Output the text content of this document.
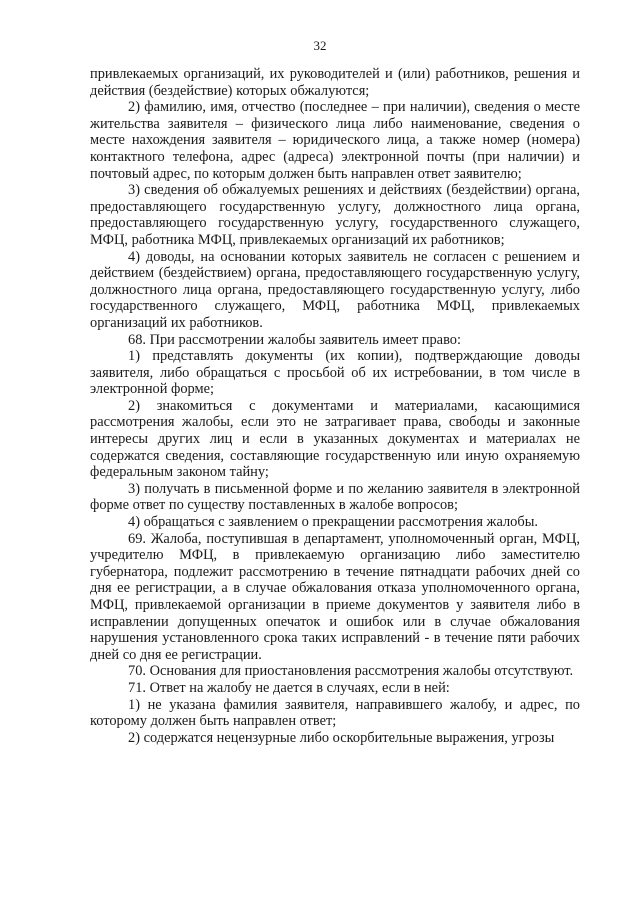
32

привлекаемых организаций, их руководителей и (или) работников, решения и действия (бездействие) которых обжалуются;

2) фамилию, имя, отчество (последнее – при наличии), сведения о месте жительства заявителя – физического лица либо наименование, сведения о месте нахождения заявителя – юридического лица, а также номер (номера) контактного телефона, адрес (адреса) электронной почты (при наличии) и почтовый адрес, по которым должен быть направлен ответ заявителю;

3) сведения об обжалуемых решениях и действиях (бездействии) органа, предоставляющего государственную услугу, должностного лица органа, предоставляющего государственную услугу, государственного служащего, МФЦ, работника МФЦ, привлекаемых организаций их работников;

4) доводы, на основании которых заявитель не согласен с решением и действием (бездействием) органа, предоставляющего государственную услугу, должностного лица органа, предоставляющего государственную услугу, либо государственного служащего, МФЦ, работника МФЦ, привлекаемых организаций их работников.

68. При рассмотрении жалобы заявитель имеет право:

1) представлять документы (их копии), подтверждающие доводы заявителя, либо обращаться с просьбой об их истребовании, в том числе в электронной форме;

2) знакомиться с документами и материалами, касающимися рассмотрения жалобы, если это не затрагивает права, свободы и законные интересы других лиц и если в указанных документах и материалах не содержатся сведения, составляющие государственную или иную охраняемую федеральным законом тайну;

3) получать в письменной форме и по желанию заявителя в электронной форме ответ по существу поставленных в жалобе вопросов;

4) обращаться с заявлением о прекращении рассмотрения жалобы.

69. Жалоба, поступившая в департамент, уполномоченный орган, МФЦ, учредителю МФЦ, в привлекаемую организацию либо заместителю губернатора, подлежит рассмотрению в течение пятнадцати рабочих дней со дня ее регистрации, а в случае обжалования отказа уполномоченного органа, МФЦ, привлекаемой организации в приеме документов у заявителя либо в исправлении допущенных опечаток и ошибок или в случае обжалования нарушения установленного срока таких исправлений - в течение пяти рабочих дней со дня ее регистрации.

70. Основания для приостановления рассмотрения жалобы отсутствуют.

71. Ответ на жалобу не дается в случаях, если в ней:

1) не указана фамилия заявителя, направившего жалобу, и адрес, по которому должен быть направлен ответ;

2) содержатся нецензурные либо оскорбительные выражения, угрозы
